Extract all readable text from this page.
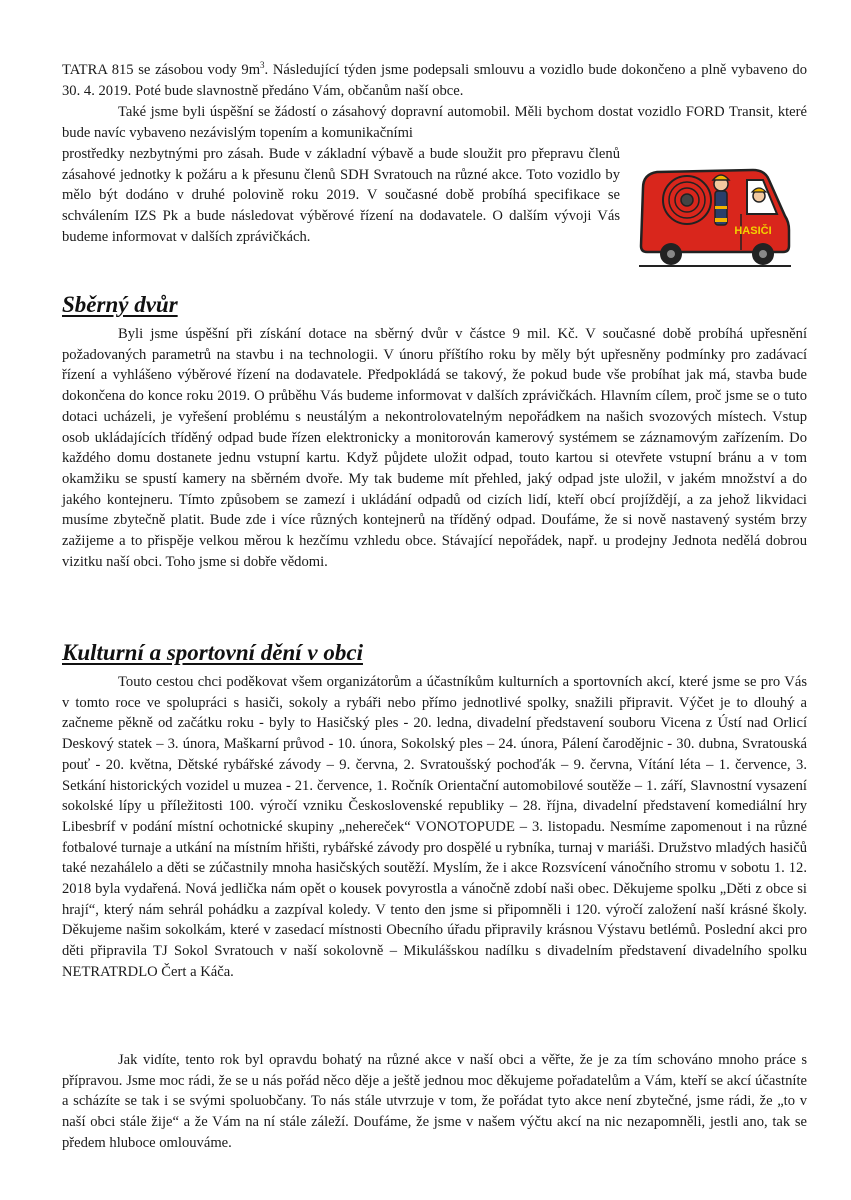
TATRA 815 se zásobou vody $9m^3$. Následující týden jsme podepsali smlouvu a vozidlo bude dokončeno a plně vybaveno do 30. 4. 2019. Poté bude slavnostně předáno Vám, občanům naší obce.

Také jsme byli úspěšní se žádostí o zásahový dopravní automobil. Měli bychom dostat vozidlo FORD Transit, které bude navíc vybaveno nezávislým topením a komunikačními

prostředky nezbytnými pro zásah. Bude v základní výbavě a bude sloužit pro přepravu členů zásahové jednotky k požáru a k přesunu členů SDH Svratouch na různé akce. Toto vozidlo by mělo být dodáno v druhé polovině roku 2019. V současné době probíhá specifikace se schválením IZS Pk a bude následovat výběrové řízení na dodavatele. O dalším vývoji Vás budeme informovat v dalších zprávičkách.	HASIČI
Sběrný dvůr

Byli jsme úspěšní při získání dotace na sběrný dvůr v částce 9 mil. Kč. V současné době probíhá upřesnění požadovaných parametrů na stavbu i na technologii. V únoru příštího roku by měly být upřesněny podmínky pro zadávací řízení a vyhlášeno výběrové řízení na dodavatele. Předpokládá se takový, že pokud bude vše probíhat jak má, stavba bude dokončena do konce roku 2019. O průběhu Vás budeme informovat v dalších zprávičkách. Hlavním cílem, proč jsme se o tuto dotaci ucházeli, je vyřešení problému s neustálým a nekontrolovatelným nepořádkem na našich svozových místech. Vstup osob ukládajících tříděný odpad bude řízen elektronicky a monitorován kamerový systémem se záznamovým zařízením. Do každého domu dostanete jednu vstupní kartu. Když půjdete uložit odpad, touto kartou si otevřete vstupní bránu a v tom okamžiku se spustí kamery na sběrném dvoře. My tak budeme mít přehled, jaký odpad jste uložil, v jakém množství a do jakého kontejneru. Tímto způsobem se zamezí i ukládání odpadů od cizích lidí, kteří obcí projíždějí, a za jehož likvidaci musíme zbytečně platit. Bude zde i více různých kontejnerů na tříděný odpad. Doufáme, že si nově nastavený systém brzy zažijeme a to přispěje velkou měrou k hezčímu vzhledu obce. Stávající nepořádek, např. u prodejny Jednota nedělá dobrou vizitku naší obci. Toho jsme si dobře vědomi.

Kulturní a sportovní dění v obci

Touto cestou chci poděkovat všem organizátorům a účastníkům kulturních a sportovních akcí, které jsme se pro Vás v tomto roce ve spolupráci s hasiči, sokoly a rybáři nebo přímo jednotlivé spolky, snažili připravit. Výčet je to dlouhý a začneme pěkně od začátku roku - byly to Hasičský ples - 20. ledna, divadelní představení souboru Vicena z Ústí nad Orlicí Deskový statek – 3. února, Maškarní průvod - 10. února, Sokolský ples – 24. února, Pálení čarodějnic - 30. dubna, Svratouská pouť - 20. května, Dětské rybářské závody – 9. června, 2. Svratoušský pochoďák – 9. června, Vítání léta – 1. července, 3. Setkání historických vozidel u muzea - 21. července, 1. Ročník Orientační automobilové soutěže – 1. září, Slavnostní vysazení sokolské lípy u příležitosti 100. výročí vzniku Československé republiky – 28. října, divadelní představení komediální hry Libesbríf v podání místní ochotnické skupiny „nehereček“ VONOTOPUDE – 3. listopadu. Nesmíme zapomenout i na různé fotbalové turnaje a utkání na místním hřišti, rybářské závody pro dospělé u rybníka, turnaj v mariáši. Družstvo mladých hasičů také nezahálelo a děti se zúčastnily mnoha hasičských soutěží. Myslím, že i akce Rozsvícení vánočního stromu v sobotu 1. 12. 2018 byla vydařená. Nová jedlička nám opět o kousek povyrostla a vánočně zdobí naši obec. Děkujeme spolku „Děti z obce si hrají“, který nám sehrál pohádku a zazpíval koledy. V tento den jsme si připomněli i 120. výročí založení naší krásné školy. Děkujeme našim sokolkám, které v zasedací místnosti Obecního úřadu připravily krásnou Výstavu betlémů. Poslední akci pro děti připravila TJ Sokol Svratouch v naší sokolovně – Mikulášskou nadílku s divadelním představení divadelního spolku NETRATRDLO Čert a Káča.

Jak vidíte, tento rok byl opravdu bohatý na různé akce v naší obci a věřte, že je za tím schováno mnoho práce s přípravou. Jsme moc rádi, že se u nás pořád něco děje a ještě jednou moc děkujeme pořadatelům a Vám, kteří se akcí účastníte a scházíte se tak i se svými spoluobčany. To nás stále utvrzuje v tom, že pořádat tyto akce není zbytečné, jsme rádi, že „to v naší obci stále žije“ a že Vám na ní stále záleží. Doufáme, že jsme v našem výčtu akcí na nic nezapomněli, jestli ano, tak se předem hluboce omlouváme.
